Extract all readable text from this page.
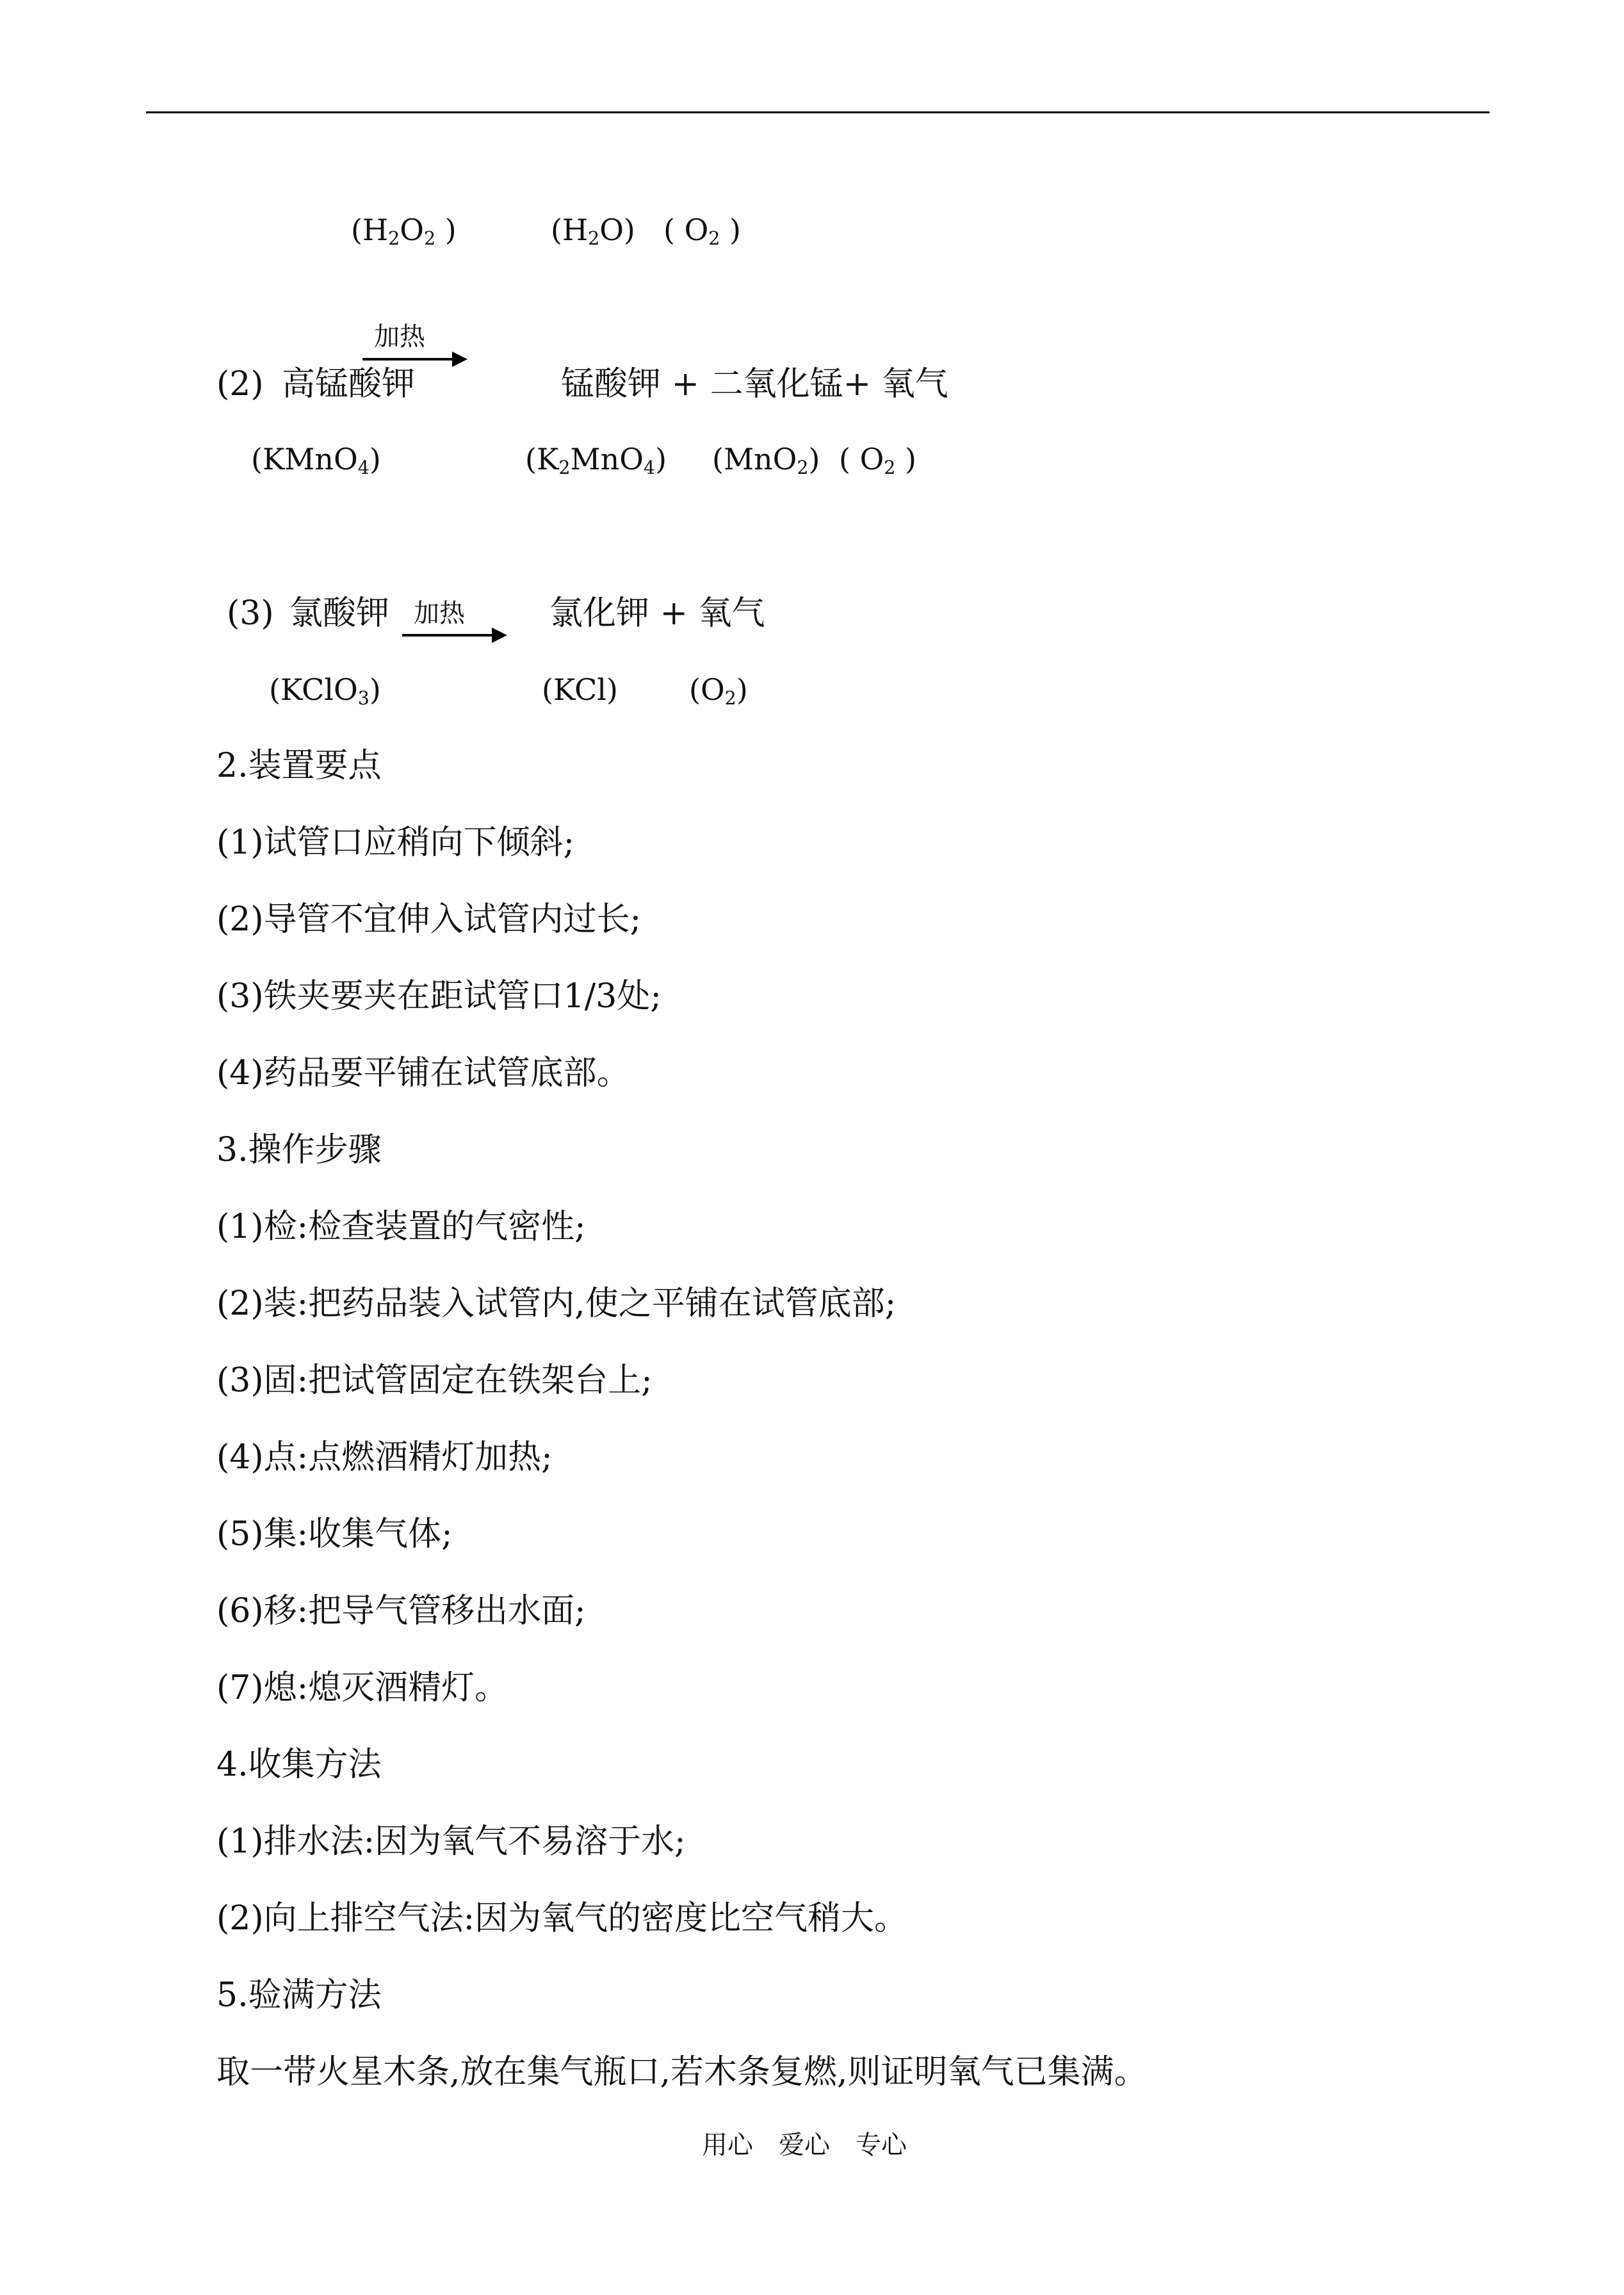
($H_2O_2$ )	$(H_2O)$ ( $O_2$ )
加热
(2) 高锰酸钾	锰酸钾 + 二氧化锰+ 氧气
(KMnO$_4$)	$(K_2MnO_4)$ (MnO$_2$) ( $O_2$ )
(3) 氯酸钾 加热	氯化钾 + 氧气
(KClO$_3$)	(KCl) $(O_2)$
2.装置要点
(1)试管口应稍向下倾斜;
(2)导管不宜伸入试管内过长;
(3)铁夹要夹在距试管口1/3处;
(4)药品要平铺在试管底部。
3.操作步骤
(1)检:检查装置的气密性;
(2)装:把药品装入试管内,使之平铺在试管底部;
(3)固:把试管固定在铁架台上;
(4)点:点燃酒精灯加热;
(5)集:收集气体;
(6)移:把导气管移出水面;
(7)熄:熄灭酒精灯。
4.收集方法
(1)排水法:因为氧气不易溶于水;
(2)向上排空气法:因为氧气的密度比空气稍大。
5.验满方法
取一带火星木条,放在集气瓶口,若木条复燃,则证明氧气已集满。
用心　爱心　专心
